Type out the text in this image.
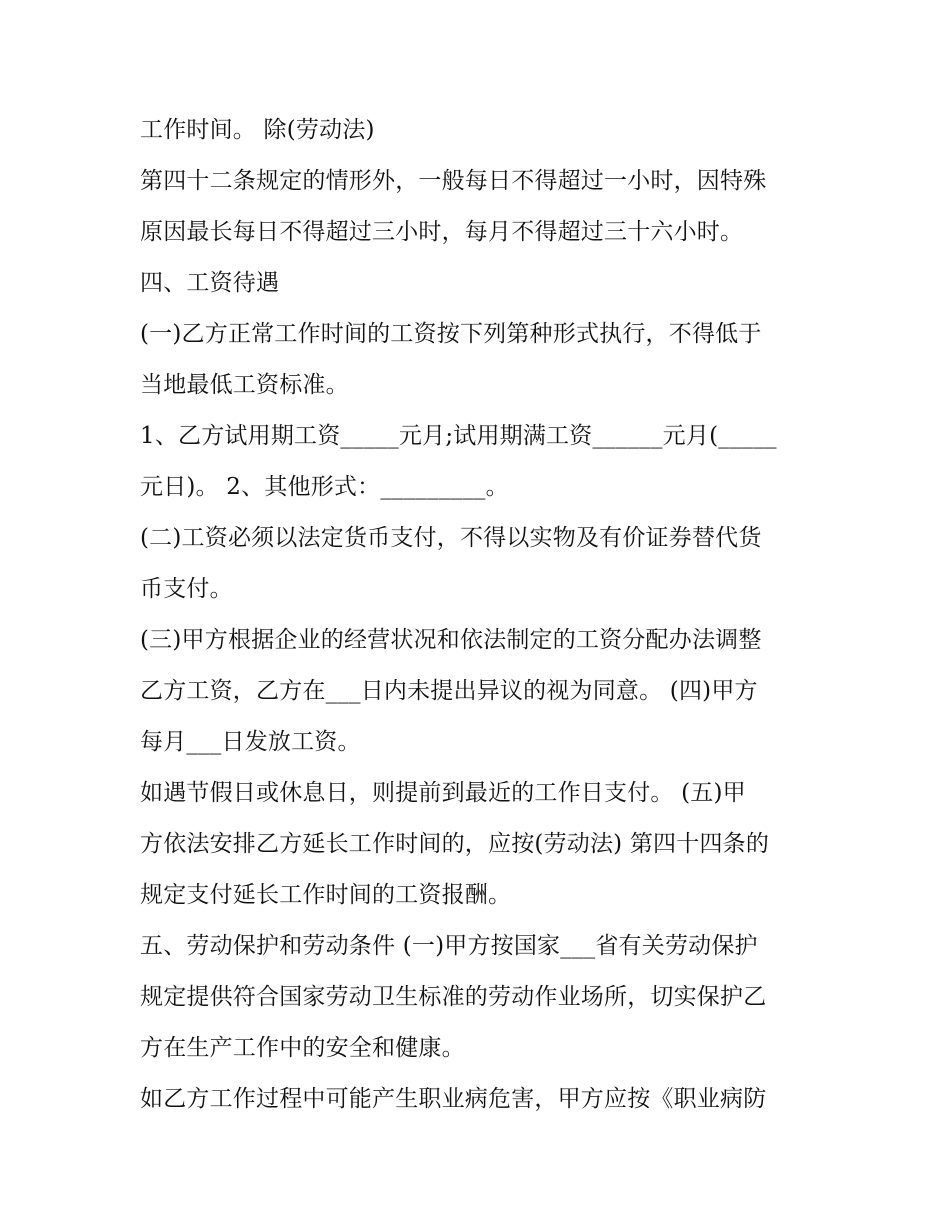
工作时间。 除(劳动法)
第四十二条规定的情形外，一般每日不得超过一小时，因特殊
原因最长每日不得超过三小时，每月不得超过三十六小时。
四、工资待遇
(一)乙方正常工作时间的工资按下列第种形式执行，不得低于
当地最低工资标准。
1、乙方试用期工资_____元月;试用期满工资______元月(_____
元日)。 2、其他形式：_________。
(二)工资必须以法定货币支付，不得以实物及有价证券替代货
币支付。
(三)甲方根据企业的经营状况和依法制定的工资分配办法调整
乙方工资，乙方在___日内未提出异议的视为同意。 (四)甲方
每月___日发放工资。
如遇节假日或休息日，则提前到最近的工作日支付。 (五)甲
方依法安排乙方延长工作时间的，应按(劳动法) 第四十四条的
规定支付延长工作时间的工资报酬。
五、劳动保护和劳动条件 (一)甲方按国家___省有关劳动保护
规定提供符合国家劳动卫生标准的劳动作业场所，切实保护乙
方在生产工作中的安全和健康。
如乙方工作过程中可能产生职业病危害，甲方应按《职业病防
